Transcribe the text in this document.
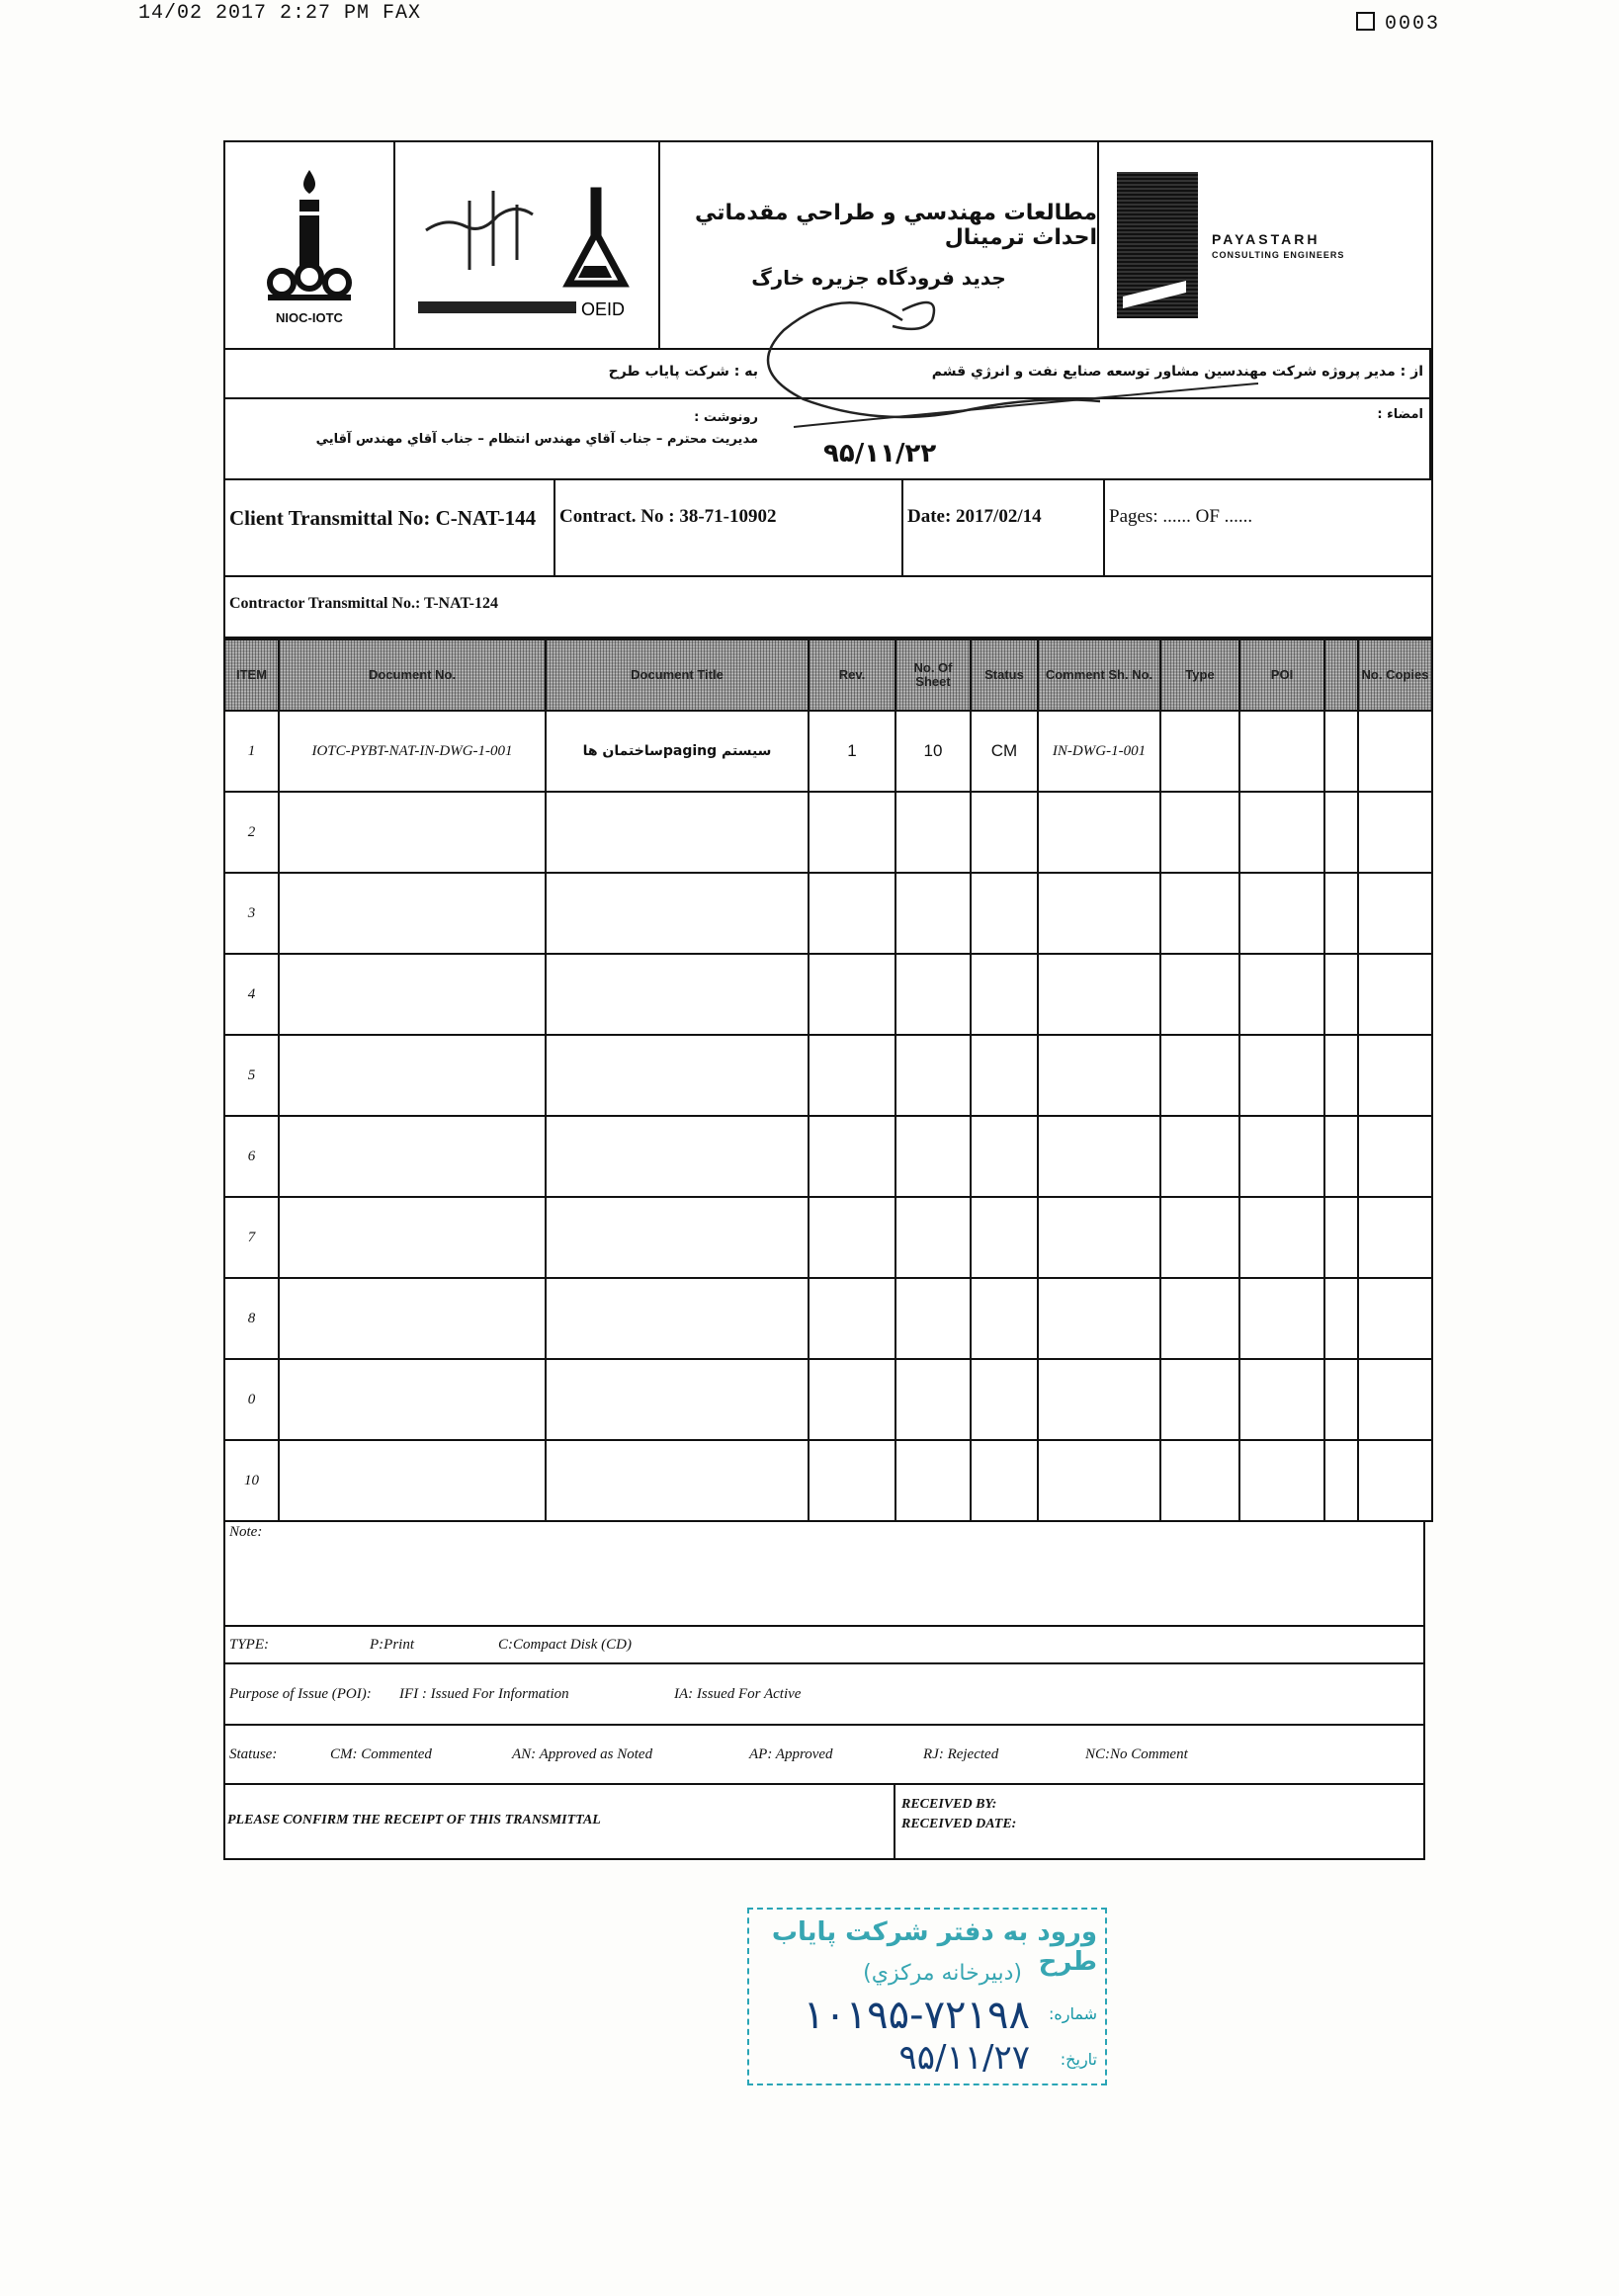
14/02 2017 2:27 PM FAX	0003
NIOC-IOTC	OEID
مطالعات مهندسي و طراحي مقدماتي احداث ترمينال
جديد فرودگاه جزيره خارگ
PAYASTARH
CONSULTING ENGINEERS
از : مدير پروژه شركت مهندسين مشاور توسعه صنايع نفت و انرژي قشم
به : شركت پاياب طرح
امضاء :
۹۵/۱۱/۲۲
رونوشت :
مديريت محترم – جناب آقاي مهندس انتظام – جناب آقاي مهندس آقايي
Client Transmittal No: C-NAT-144	Contract. No : 38-71-10902	Date: 2017/02/14	Pages: ...... OF ......
Contractor Transmittal No.: T-NAT-124
ITEM	Document No.	Document Title	Rev.	No. Of Sheet	Status	Comment Sh. No.	Type	POI		No. Copies
1	IOTC-PYBT-NAT-IN-DWG-1-001	سيستم pagingساختمان ها	1	10	CM	IN-DWG-1-001				
2										
3										
4										
5										
6										
7										
8										
0										
10										
Note:
TYPE:	P:Print	C:Compact Disk (CD)
Purpose of Issue (POI): IFI : Issued For Information	IA: Issued For Active
Statuse:	CM: Commented	AN: Approved as Noted	AP: Approved	RJ: Rejected	NC:No Comment
PLEASE CONFIRM THE RECEIPT OF THIS TRANSMITTAL
RECEIVED BY:
RECEIVED DATE:
ورود به دفتر شركت پاياب طرح
(دبيرخانه مركزي)
شماره:
تاريخ:
۱۰۱۹۵-۷۲۱۹۸
۹۵/۱۱/۲۷
